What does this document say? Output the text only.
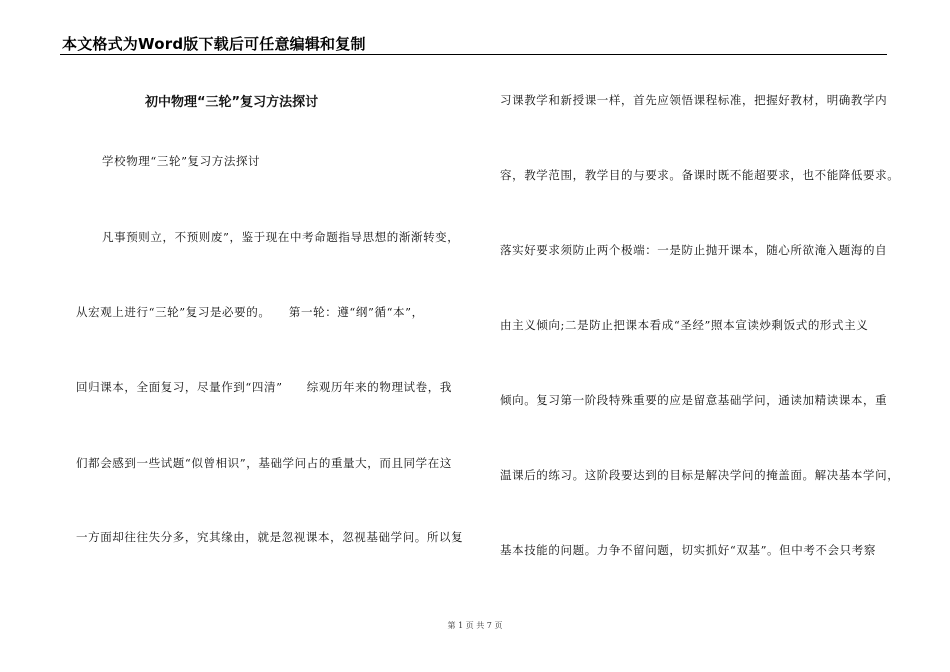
本文格式为Word版下载后可任意编辑和复制
初中物理“三轮”复习方法探讨
学校物理“三轮”复习方法探讨
凡事预则立，不预则废”，鉴于现在中考命题指导思想的渐渐转变，
从宏观上进行“三轮”复习是必要的。　　第一轮：遵“纲”循“本”，
回归课本，全面复习，尽量作到“四清”　　综观历年来的物理试卷，我
们都会感到一些试题“似曾相识”，基础学问占的重量大，而且同学在这
一方面却往往失分多，究其缘由，就是忽视课本，忽视基础学问。所以复
习课教学和新授课一样，首先应领悟课程标准，把握好教材，明确教学内
容，教学范围，教学目的与要求。备课时既不能超要求，也不能降低要求。
落实好要求须防止两个极端：一是防止抛开课本，随心所欲淹入题海的自
由主义倾向;二是防止把课本看成“圣经”照本宣读炒剩饭式的形式主义
倾向。复习第一阶段特殊重要的应是留意基础学问，通读加精读课本，重
温课后的练习。这阶段要达到的目标是解决学问的掩盖面。解决基本学问，
基本技能的问题。力争不留问题，切实抓好“双基”。但中考不会只考察
第 1 页 共 7 页
